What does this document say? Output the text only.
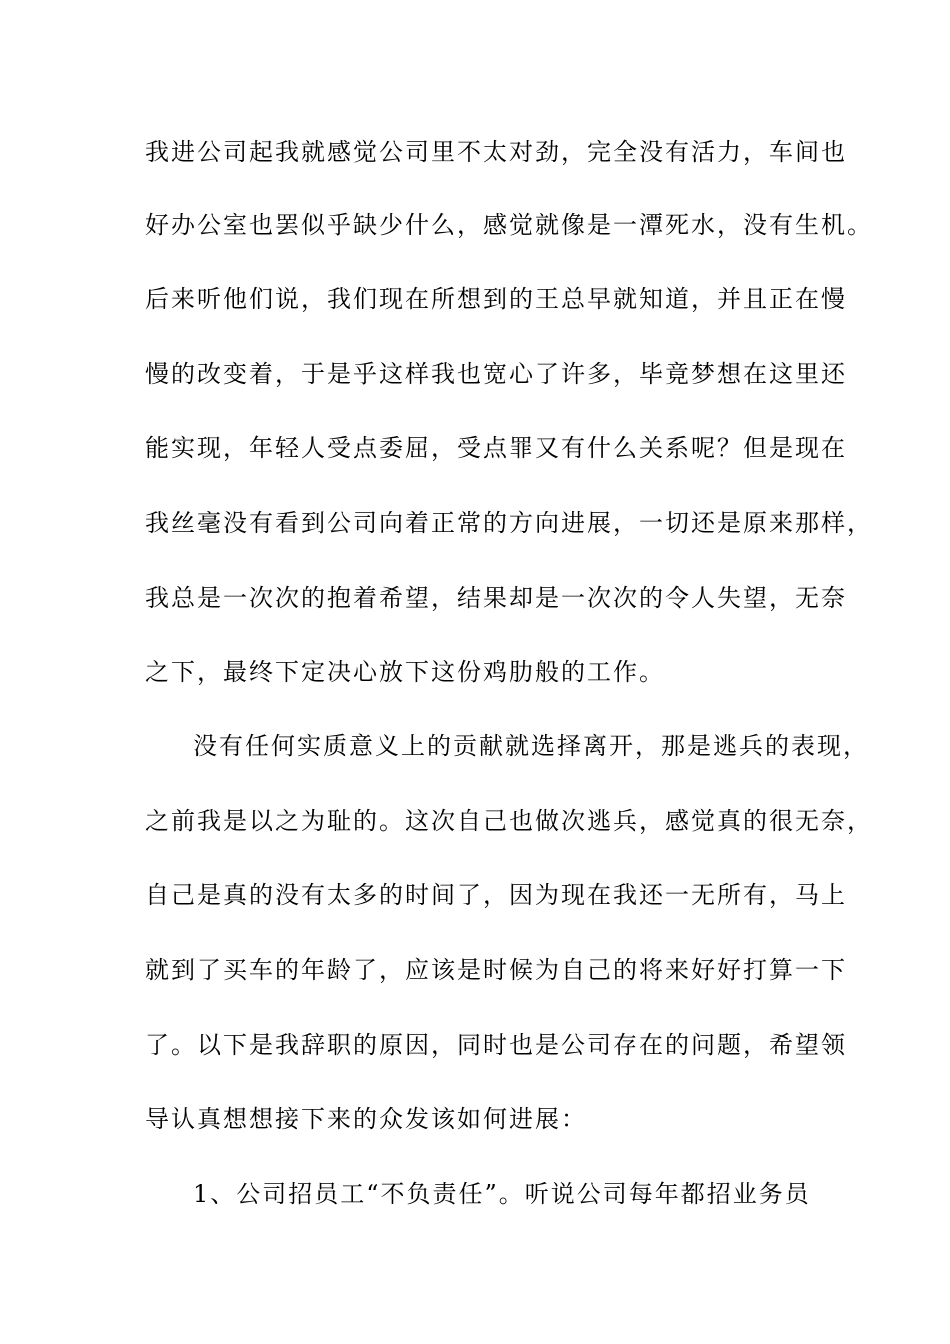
我进公司起我就感觉公司里不太对劲，完全没有活力，车间也
好办公室也罢似乎缺少什么，感觉就像是一潭死水，没有生机。
后来听他们说，我们现在所想到的王总早就知道，并且正在慢
慢的改变着，于是乎这样我也宽心了许多，毕竟梦想在这里还
能实现，年轻人受点委屈，受点罪又有什么关系呢？但是现在
我丝毫没有看到公司向着正常的方向进展，一切还是原来那样，
我总是一次次的抱着希望，结果却是一次次的令人失望，无奈
之下，最终下定决心放下这份鸡肋般的工作。
没有任何实质意义上的贡献就选择离开，那是逃兵的表现，
之前我是以之为耻的。这次自己也做次逃兵，感觉真的很无奈，
自己是真的没有太多的时间了，因为现在我还一无所有，马上
就到了买车的年龄了，应该是时候为自己的将来好好打算一下
了。以下是我辞职的原因，同时也是公司存在的问题，希望领
导认真想想接下来的众发该如何进展：
1、公司招员工“不负责任”。听说公司每年都招业务员
